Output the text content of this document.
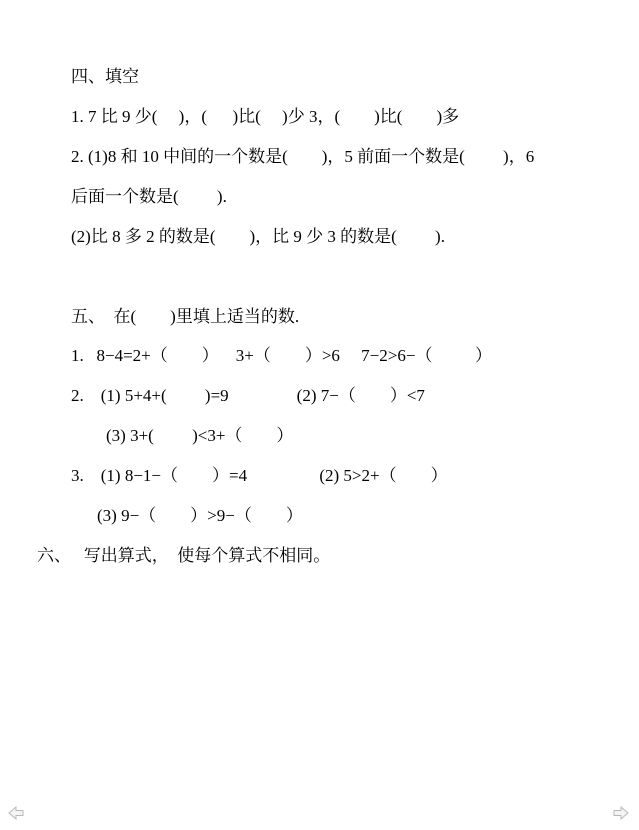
四、填空
1. 7 比 9 少(     )，(      )比(     )少 3，(        )比(        )多
2. (1)8 和 10 中间的一个数是(        )，5 前面一个数是(         )，6
后面一个数是(         ).
(2)比 8 多 2 的数是(        )，比 9 少 3 的数是(         ).
五、  在(        )里填上适当的数.
1.   8−4=2+（        ）    3+（        ）>6     7−2>6−（          ）
2.    (1) 5+4+(         )=9                (2) 7−（        ）<7
(3) 3+(         )<3+（        ）
3.    (1) 8−1−（        ）=4                 (2) 5>2+（        ）
(3) 9−（        ）>9−（        ）
六、   写出算式，  使每个算式不相同。
